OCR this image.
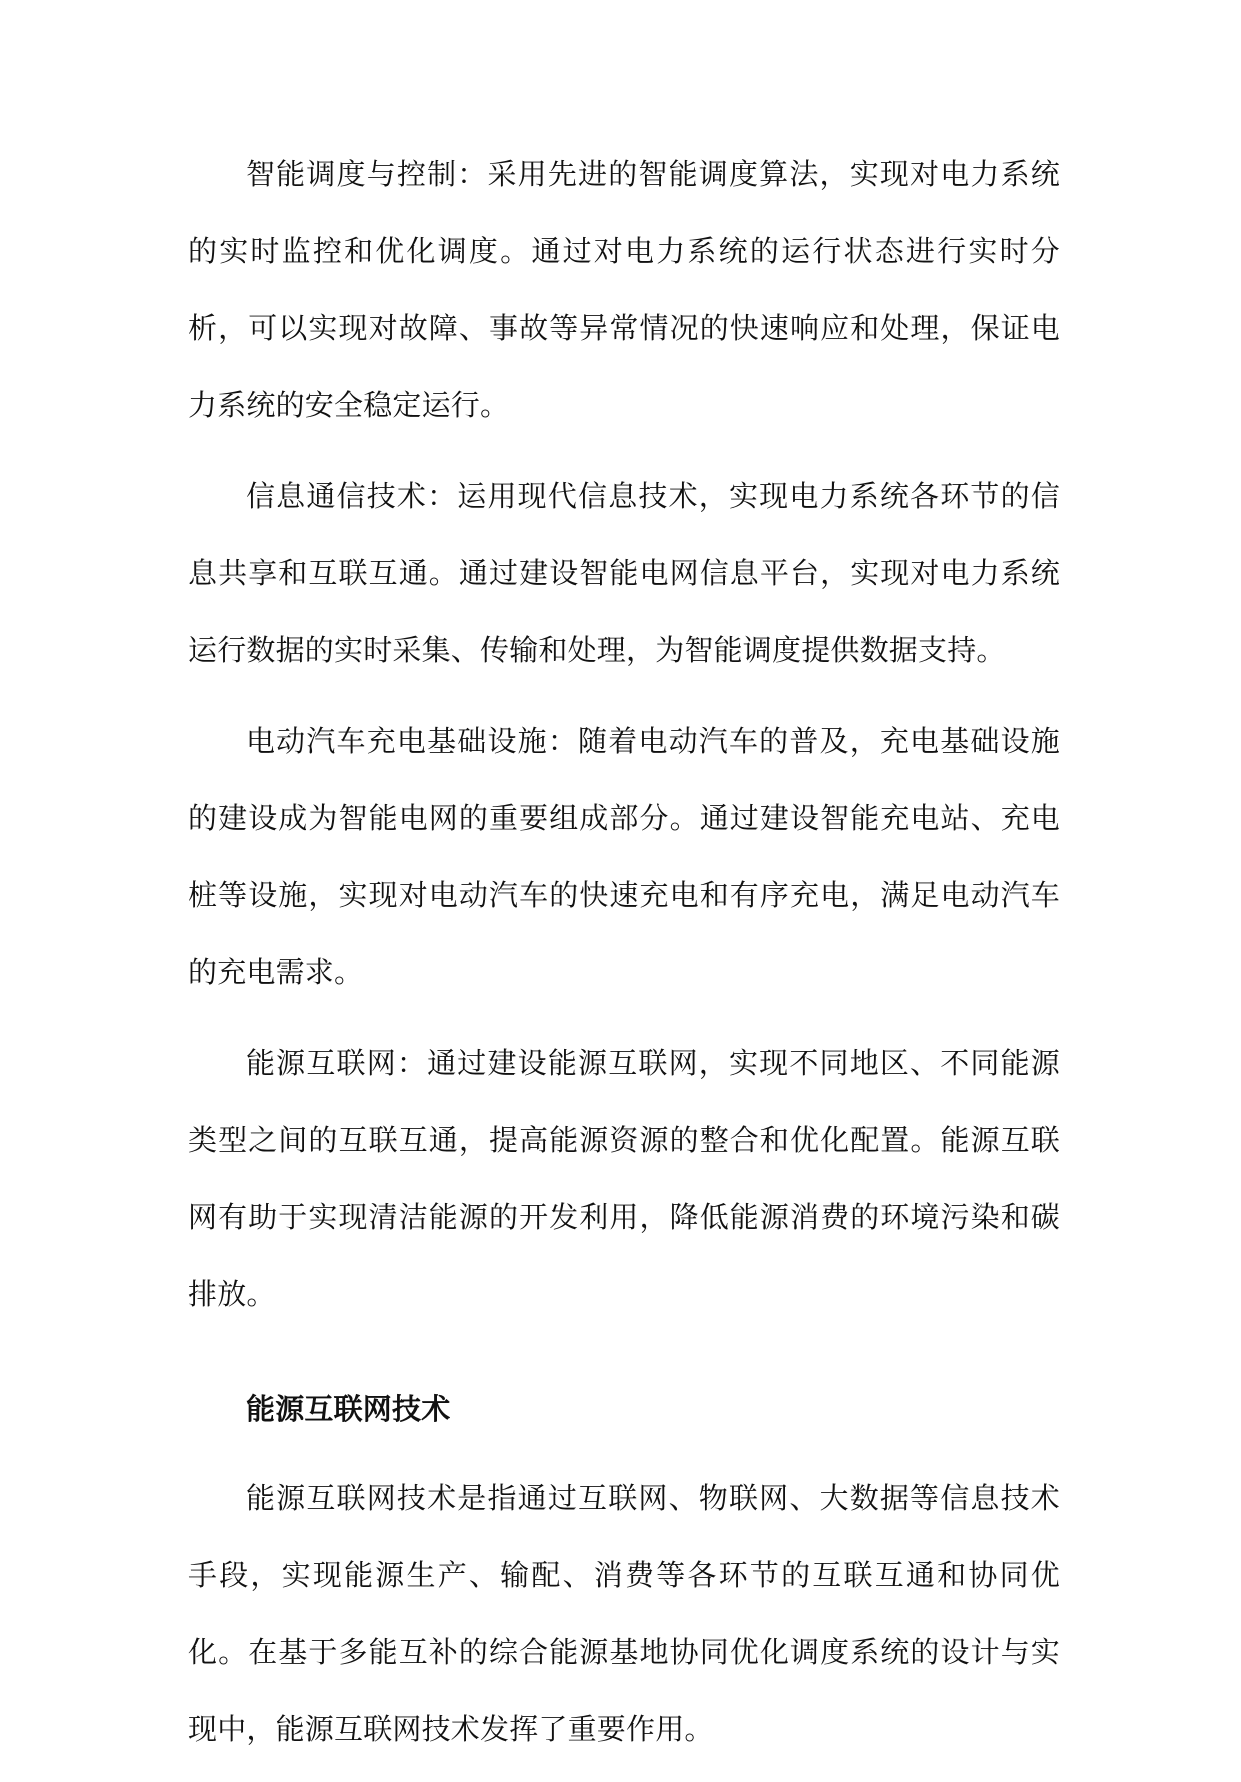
智能调度与控制：采用先进的智能调度算法，实现对电力系统的实时监控和优化调度。通过对电力系统的运行状态进行实时分析，可以实现对故障、事故等异常情况的快速响应和处理，保证电力系统的安全稳定运行。

信息通信技术：运用现代信息技术，实现电力系统各环节的信息共享和互联互通。通过建设智能电网信息平台，实现对电力系统运行数据的实时采集、传输和处理，为智能调度提供数据支持。

电动汽车充电基础设施：随着电动汽车的普及，充电基础设施的建设成为智能电网的重要组成部分。通过建设智能充电站、充电桩等设施，实现对电动汽车的快速充电和有序充电，满足电动汽车的充电需求。

能源互联网：通过建设能源互联网，实现不同地区、不同能源类型之间的互联互通，提高能源资源的整合和优化配置。能源互联网有助于实现清洁能源的开发利用，降低能源消费的环境污染和碳排放。

能源互联网技术

能源互联网技术是指通过互联网、物联网、大数据等信息技术手段，实现能源生产、输配、消费等各环节的互联互通和协同优化。在基于多能互补的综合能源基地协同优化调度系统的设计与实现中，能源互联网技术发挥了重要作用。
